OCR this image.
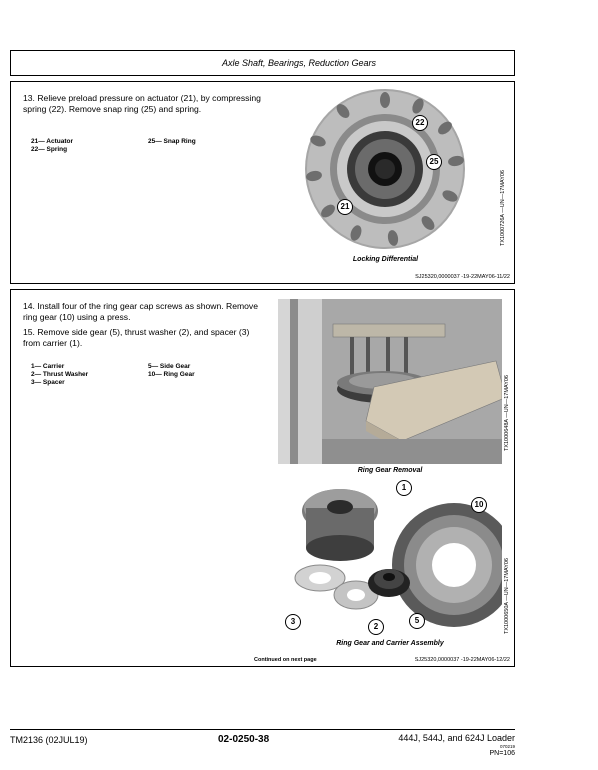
Axle Shaft, Bearings, Reduction Gears
13. Relieve preload pressure on actuator (21), by compressing spring (22). Remove snap ring (25) and spring.
21— Actuator
22— Spring
25— Snap Ring
22
25
21
Locking Differential
TX1000726A —UN—17MAY06
SJ25320,0000037 -19-22MAY06-11/22
14. Install four of the ring gear cap screws as shown. Remove ring gear (10) using a press.
15. Remove side gear (5), thrust washer (2), and spacer (3) from carrier (1).
1— Carrier
2— Thrust Washer
3— Spacer
5— Side Gear
10— Ring Gear
Ring Gear Removal
TX1000648A —UN—17MAY06
1
10
3
2
5
Ring Gear and Carrier Assembly
TX1000650A —UN—17MAY06
Continued on next page	SJ25320,0000037 -19-22MAY06-12/22
TM2136 (02JUL19)	02-0250-38	444J, 544J, and 624J Loader
070219
PN=106
